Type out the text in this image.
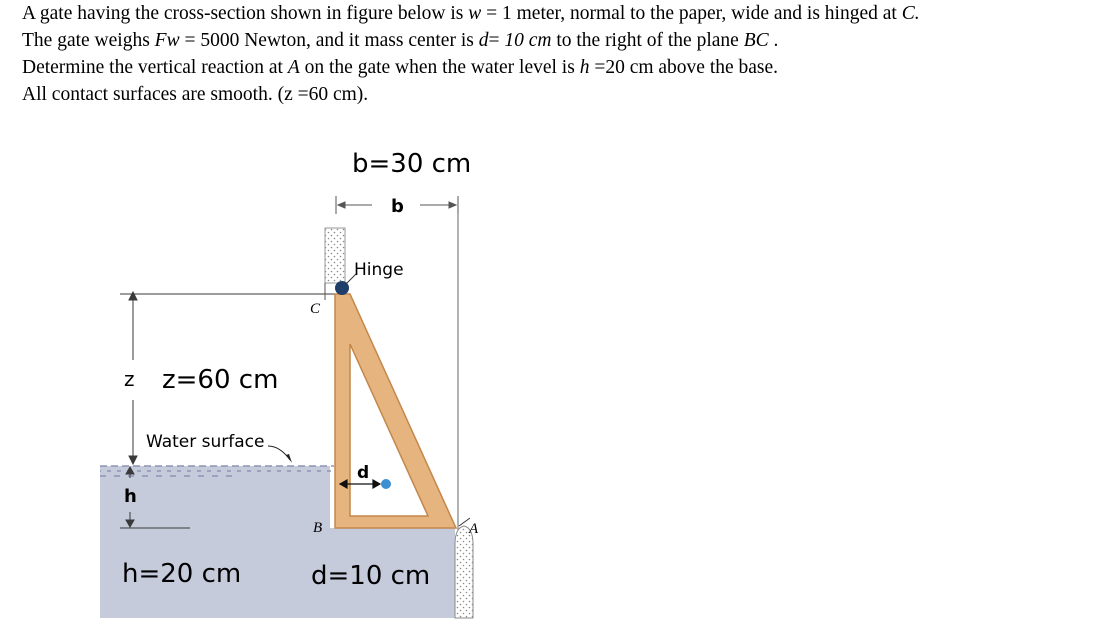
A gate having the cross-section shown in figure below is w = 1 meter, normal to the paper, wide and is hinged at C.
The gate weighs Fw = 5000 Newton, and it mass center is d= 10 cm to the right of the plane BC .
Determine the vertical reaction at A on the gate when the water level is h =20 cm above the base.
All contact surfaces are smooth. (z =60 cm).
b=30 cm
b
Hinge
C
z z=60 cm
Water surface
d
h
B	A
h=20 cm	d=10 cm
